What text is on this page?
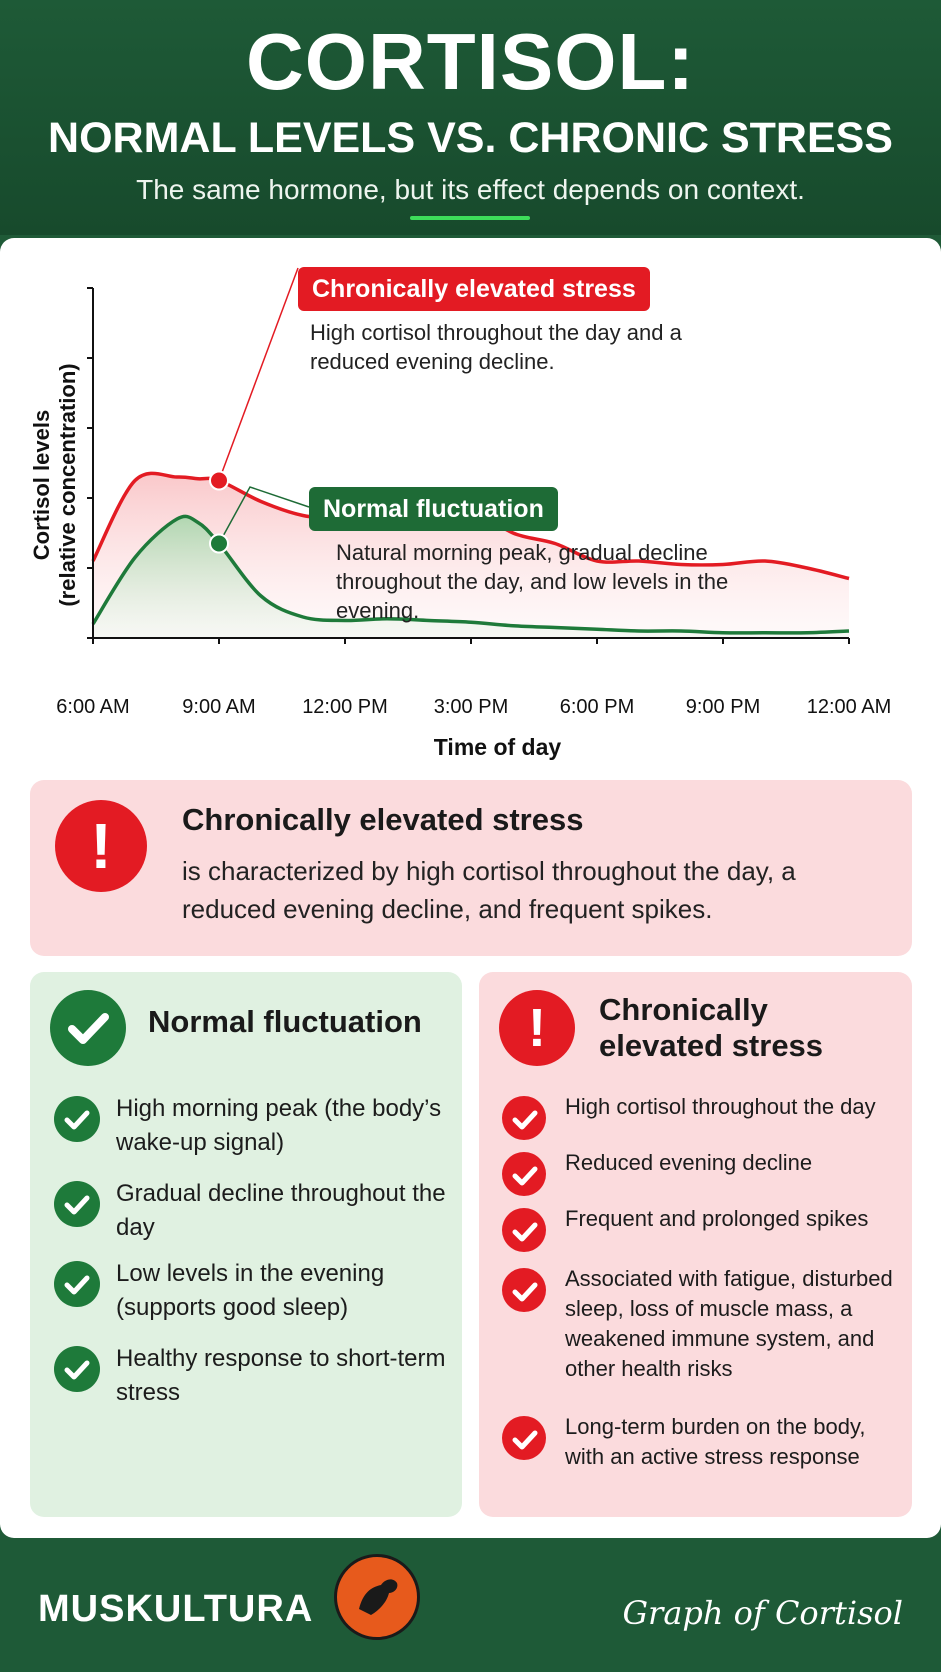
CORTISOL:
NORMAL LEVELS VS. CHRONIC STRESS
The same hormone, but its effect depends on context.
Cortisol levels (relative concentration)
6:00 AM	9:00 AM	12:00 PM	3:00 PM	6:00 PM	9:00 PM	12:00 AM
Time of day
Chronically elevated stress
High cortisol throughout the day and a reduced evening decline.
Normal fluctuation
Natural morning peak, gradual decline throughout the day, and low levels in the evening.
!	Chronically elevated stress
is characterized by high cortisol throughout the day, a reduced evening decline, and frequent spikes.
Normal fluctuation
High morning peak (the body’s wake-up signal)
Gradual decline throughout the day
Low levels in the evening (supports good sleep)
Healthy response to short-term stress
!	Chronically elevated stress
High cortisol throughout the day
Reduced evening decline
Frequent and prolonged spikes
Associated with fatigue, disturbed sleep, loss of muscle mass, a weakened immune system, and other health risks
Long-term burden on the body, with an active stress response
MUSKULTURA	Graph of Cortisol
